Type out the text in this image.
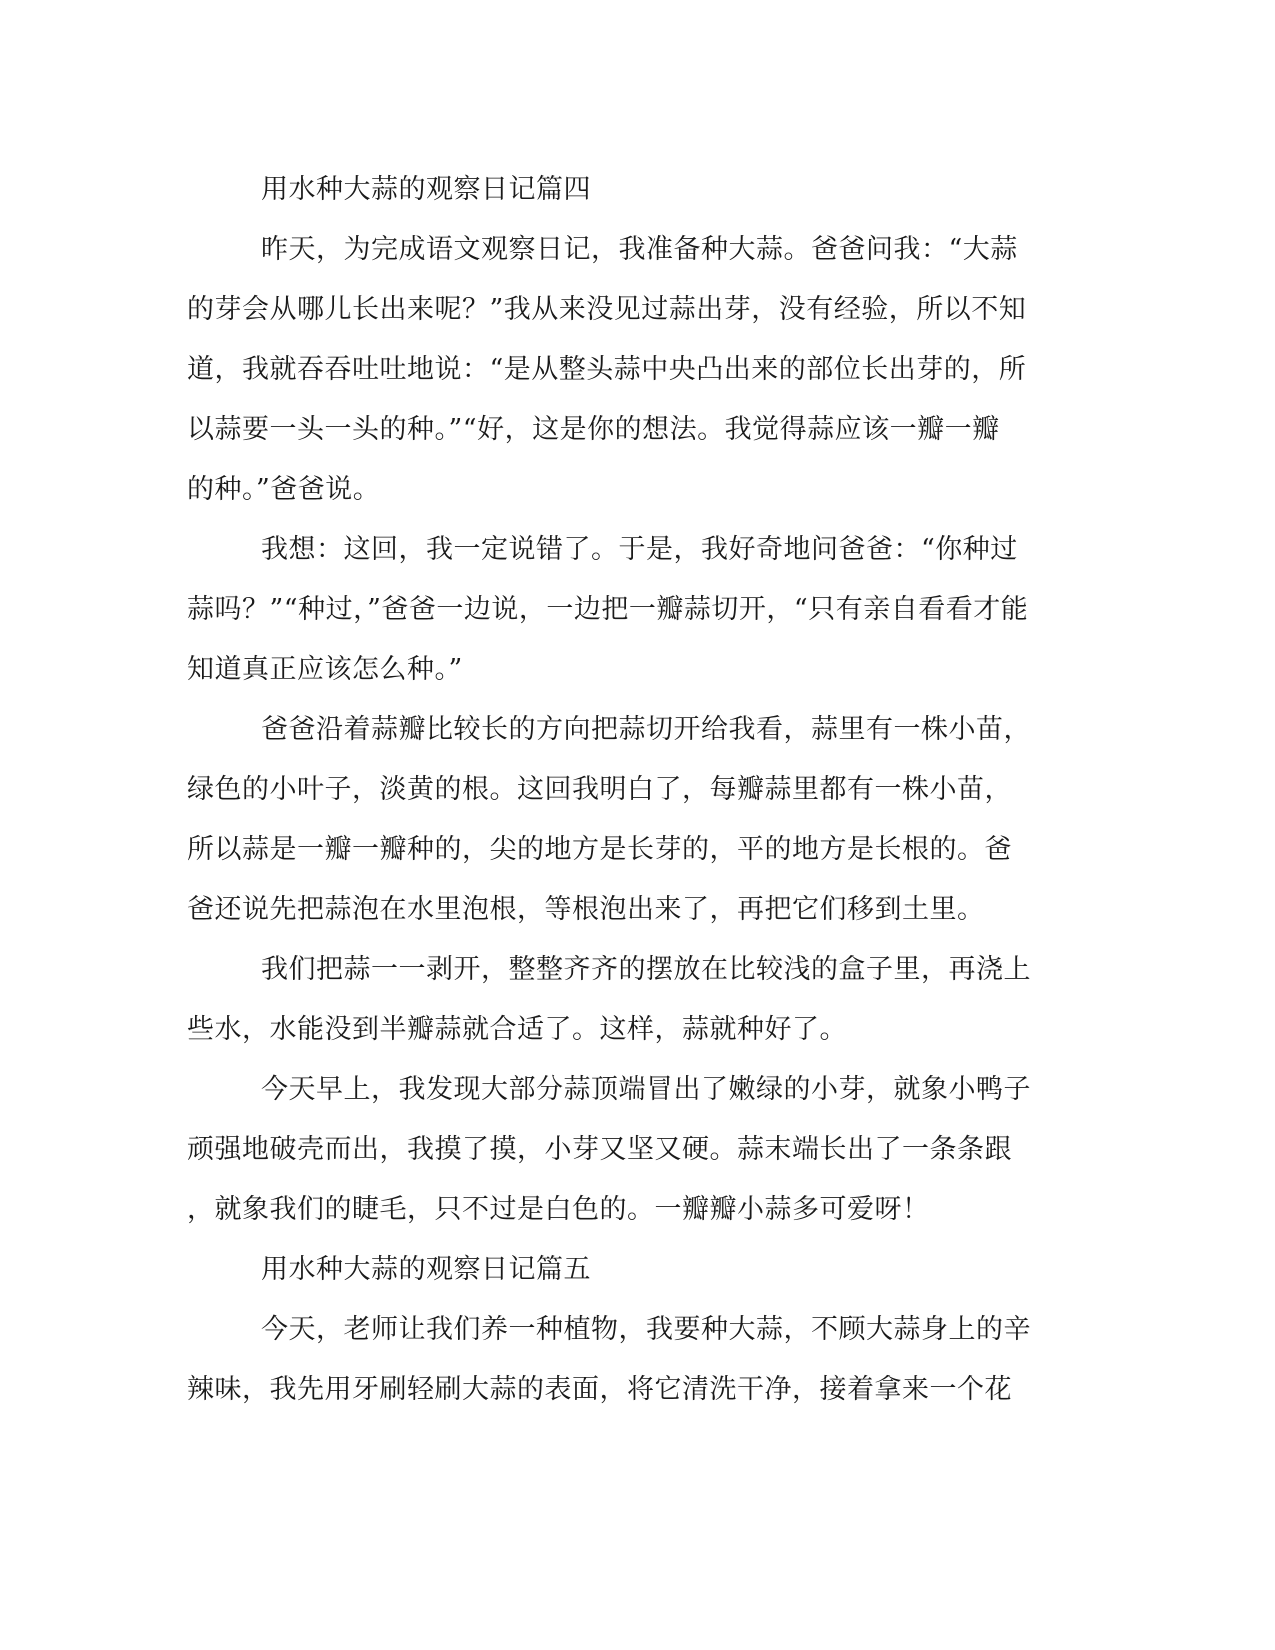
用水种大蒜的观察日记篇四
昨天，为完成语文观察日记，我准备种大蒜。爸爸问我：“大蒜
的芽会从哪儿长出来呢？”我从来没见过蒜出芽，没有经验，所以不知
道，我就吞吞吐吐地说：“是从整头蒜中央凸出来的部位长出芽的，所
以蒜要一头一头的种。”“好，这是你的想法。我觉得蒜应该一瓣一瓣
的种。”爸爸说。
我想：这回，我一定说错了。于是，我好奇地问爸爸：“你种过
蒜吗？”“种过，”爸爸一边说，一边把一瓣蒜切开，“只有亲自看看才能
知道真正应该怎么种。”
爸爸沿着蒜瓣比较长的方向把蒜切开给我看，蒜里有一株小苗，
绿色的小叶子，淡黄的根。这回我明白了，每瓣蒜里都有一株小苗，
所以蒜是一瓣一瓣种的，尖的地方是长芽的，平的地方是长根的。爸
爸还说先把蒜泡在水里泡根，等根泡出来了，再把它们移到土里。
我们把蒜一一剥开，整整齐齐的摆放在比较浅的盒子里，再浇上
些水，水能没到半瓣蒜就合适了。这样，蒜就种好了。
今天早上，我发现大部分蒜顶端冒出了嫩绿的小芽，就象小鸭子
顽强地破壳而出，我摸了摸，小芽又坚又硬。蒜末端长出了一条条跟
，就象我们的睫毛，只不过是白色的。一瓣瓣小蒜多可爱呀！
用水种大蒜的观察日记篇五
今天，老师让我们养一种植物，我要种大蒜，不顾大蒜身上的辛
辣味，我先用牙刷轻刷大蒜的表面，将它清洗干净，接着拿来一个花
